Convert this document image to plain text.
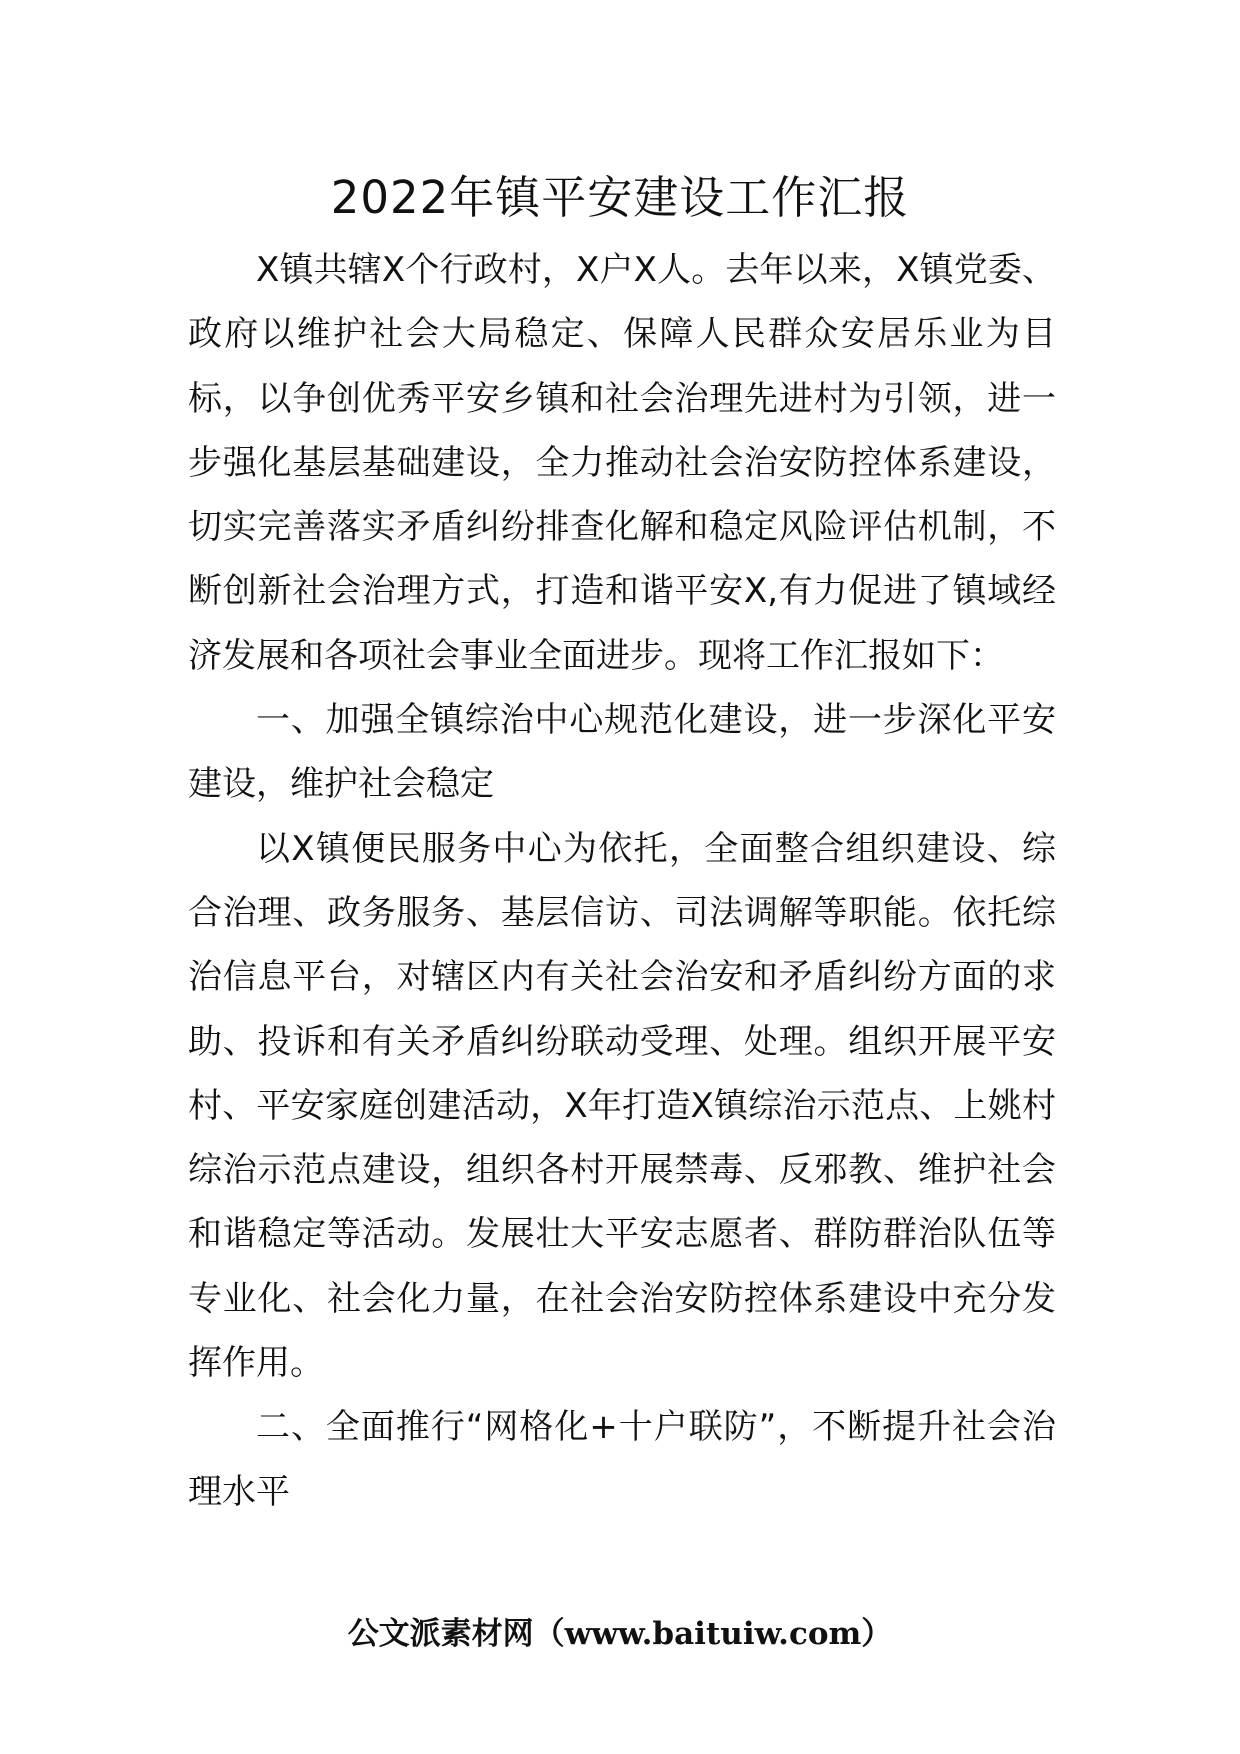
2022年镇平安建设工作汇报

X镇共辖X个行政村，X户X人。去年以来，X镇党委、政府以维护社会大局稳定、保障人民群众安居乐业为目标，以争创优秀平安乡镇和社会治理先进村为引领，进一步强化基层基础建设，全力推动社会治安防控体系建设，切实完善落实矛盾纠纷排查化解和稳定风险评估机制，不断创新社会治理方式，打造和谐平安X,有力促进了镇域经济发展和各项社会事业全面进步。现将工作汇报如下：

一、加强全镇综治中心规范化建设，进一步深化平安建设，维护社会稳定

以X镇便民服务中心为依托，全面整合组织建设、综合治理、政务服务、基层信访、司法调解等职能。依托综治信息平台，对辖区内有关社会治安和矛盾纠纷方面的求助、投诉和有关矛盾纠纷联动受理、处理。组织开展平安村、平安家庭创建活动，X年打造X镇综治示范点、上姚村综治示范点建设，组织各村开展禁毒、反邪教、维护社会和谐稳定等活动。发展壮大平安志愿者、群防群治队伍等专业化、社会化力量，在社会治安防控体系建设中充分发挥作用。

二、全面推行“网格化+十户联防”，不断提升社会治理水平

公文派素材网（www.baituiw.com）
